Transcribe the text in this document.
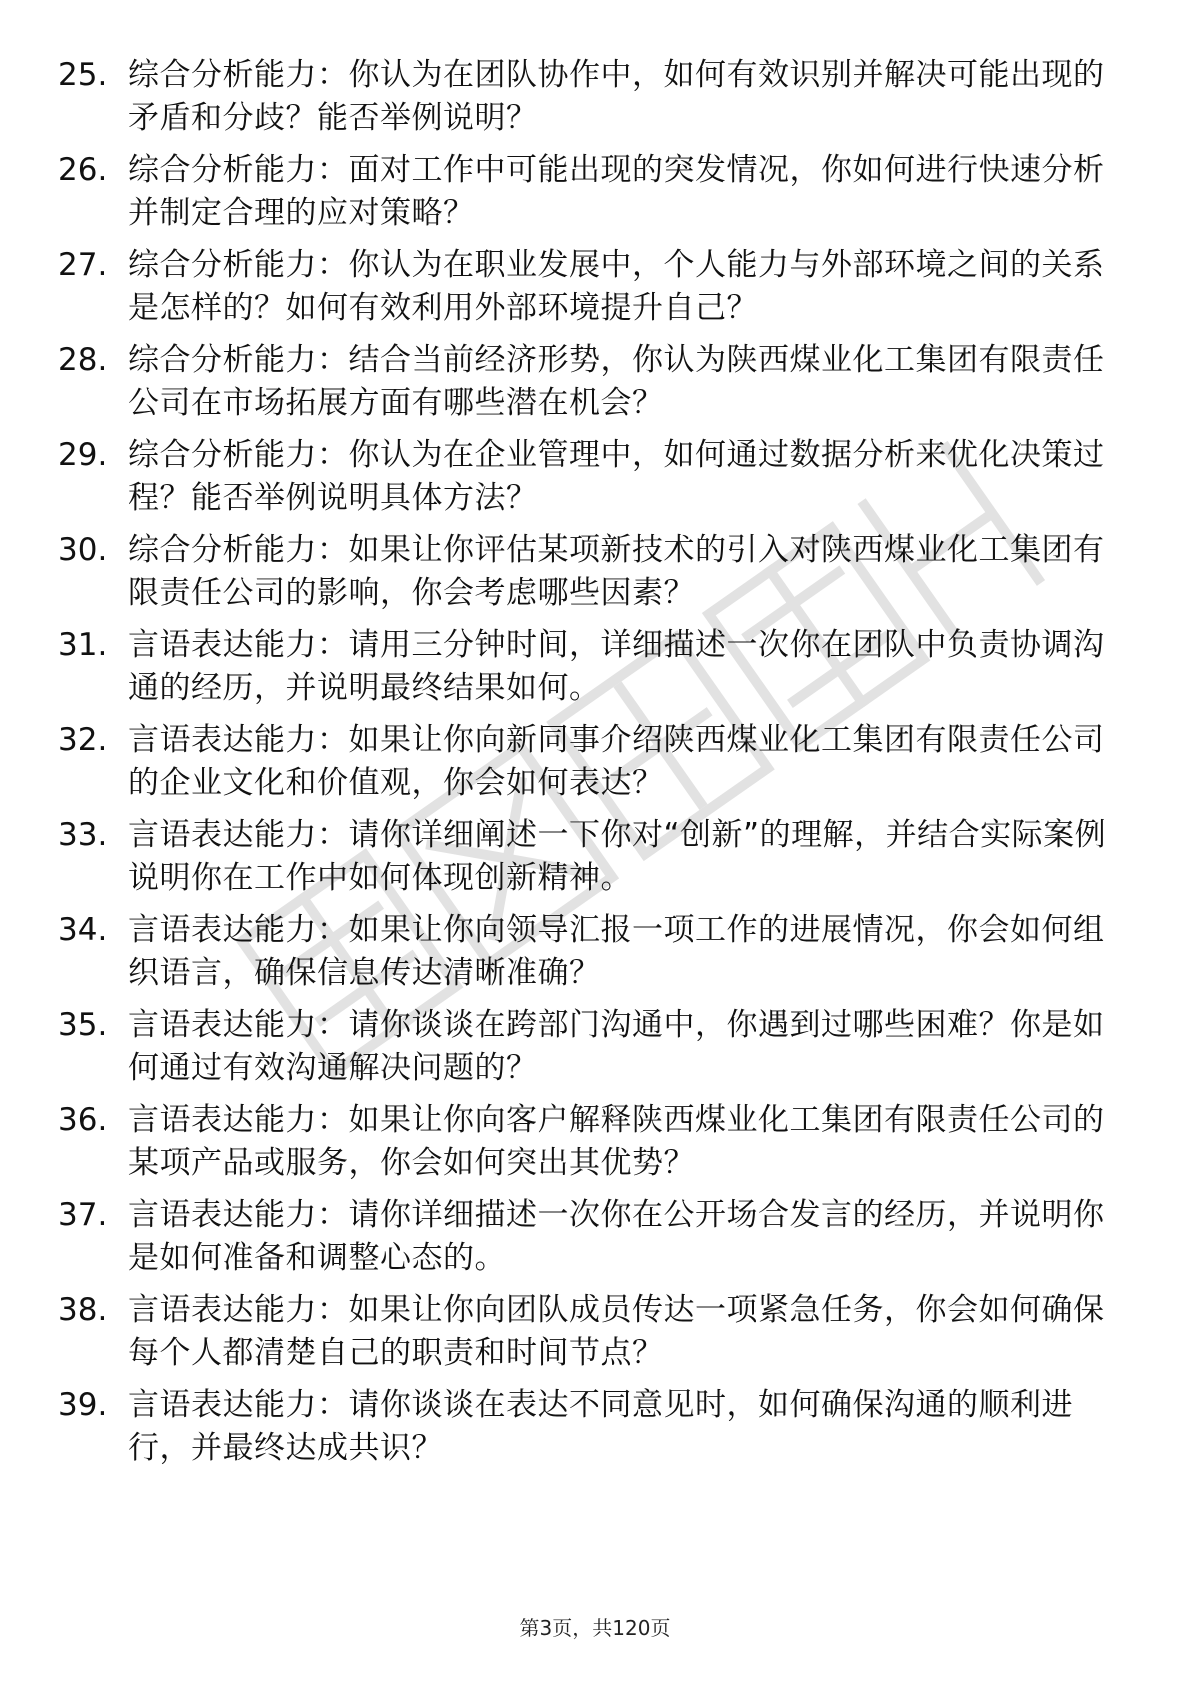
25. 综合分析能力：你认为在团队协作中，如何有效识别并解决可能出现的矛盾和分歧？能否举例说明？
26. 综合分析能力：面对工作中可能出现的突发情况，你如何进行快速分析并制定合理的应对策略？
27. 综合分析能力：你认为在职业发展中，个人能力与外部环境之间的关系是怎样的？如何有效利用外部环境提升自己？
28. 综合分析能力：结合当前经济形势，你认为陕西煤业化工集团有限责任公司在市场拓展方面有哪些潜在机会？
29. 综合分析能力：你认为在企业管理中，如何通过数据分析来优化决策过程？能否举例说明具体方法？
30. 综合分析能力：如果让你评估某项新技术的引入对陕西煤业化工集团有限责任公司的影响，你会考虑哪些因素？
31. 言语表达能力：请用三分钟时间，详细描述一次你在团队中负责协调沟通的经历，并说明最终结果如何。
32. 言语表达能力：如果让你向新同事介绍陕西煤业化工集团有限责任公司的企业文化和价值观，你会如何表达？
33. 言语表达能力：请你详细阐述一下你对“创新”的理解，并结合实际案例说明你在工作中如何体现创新精神。
34. 言语表达能力：如果让你向领导汇报一项工作的进展情况，你会如何组织语言，确保信息传达清晰准确？
35. 言语表达能力：请你谈谈在跨部门沟通中，你遇到过哪些困难？你是如何通过有效沟通解决问题的？
36. 言语表达能力：如果让你向客户解释陕西煤业化工集团有限责任公司的某项产品或服务，你会如何突出其优势？
37. 言语表达能力：请你详细描述一次你在公开场合发言的经历，并说明你是如何准备和调整心态的。
38. 言语表达能力：如果让你向团队成员传达一项紧急任务，你会如何确保每个人都清楚自己的职责和时间节点？
39. 言语表达能力：请你谈谈在表达不同意见时，如何确保沟通的顺利进行，并最终达成共识？
第3页，共120页
